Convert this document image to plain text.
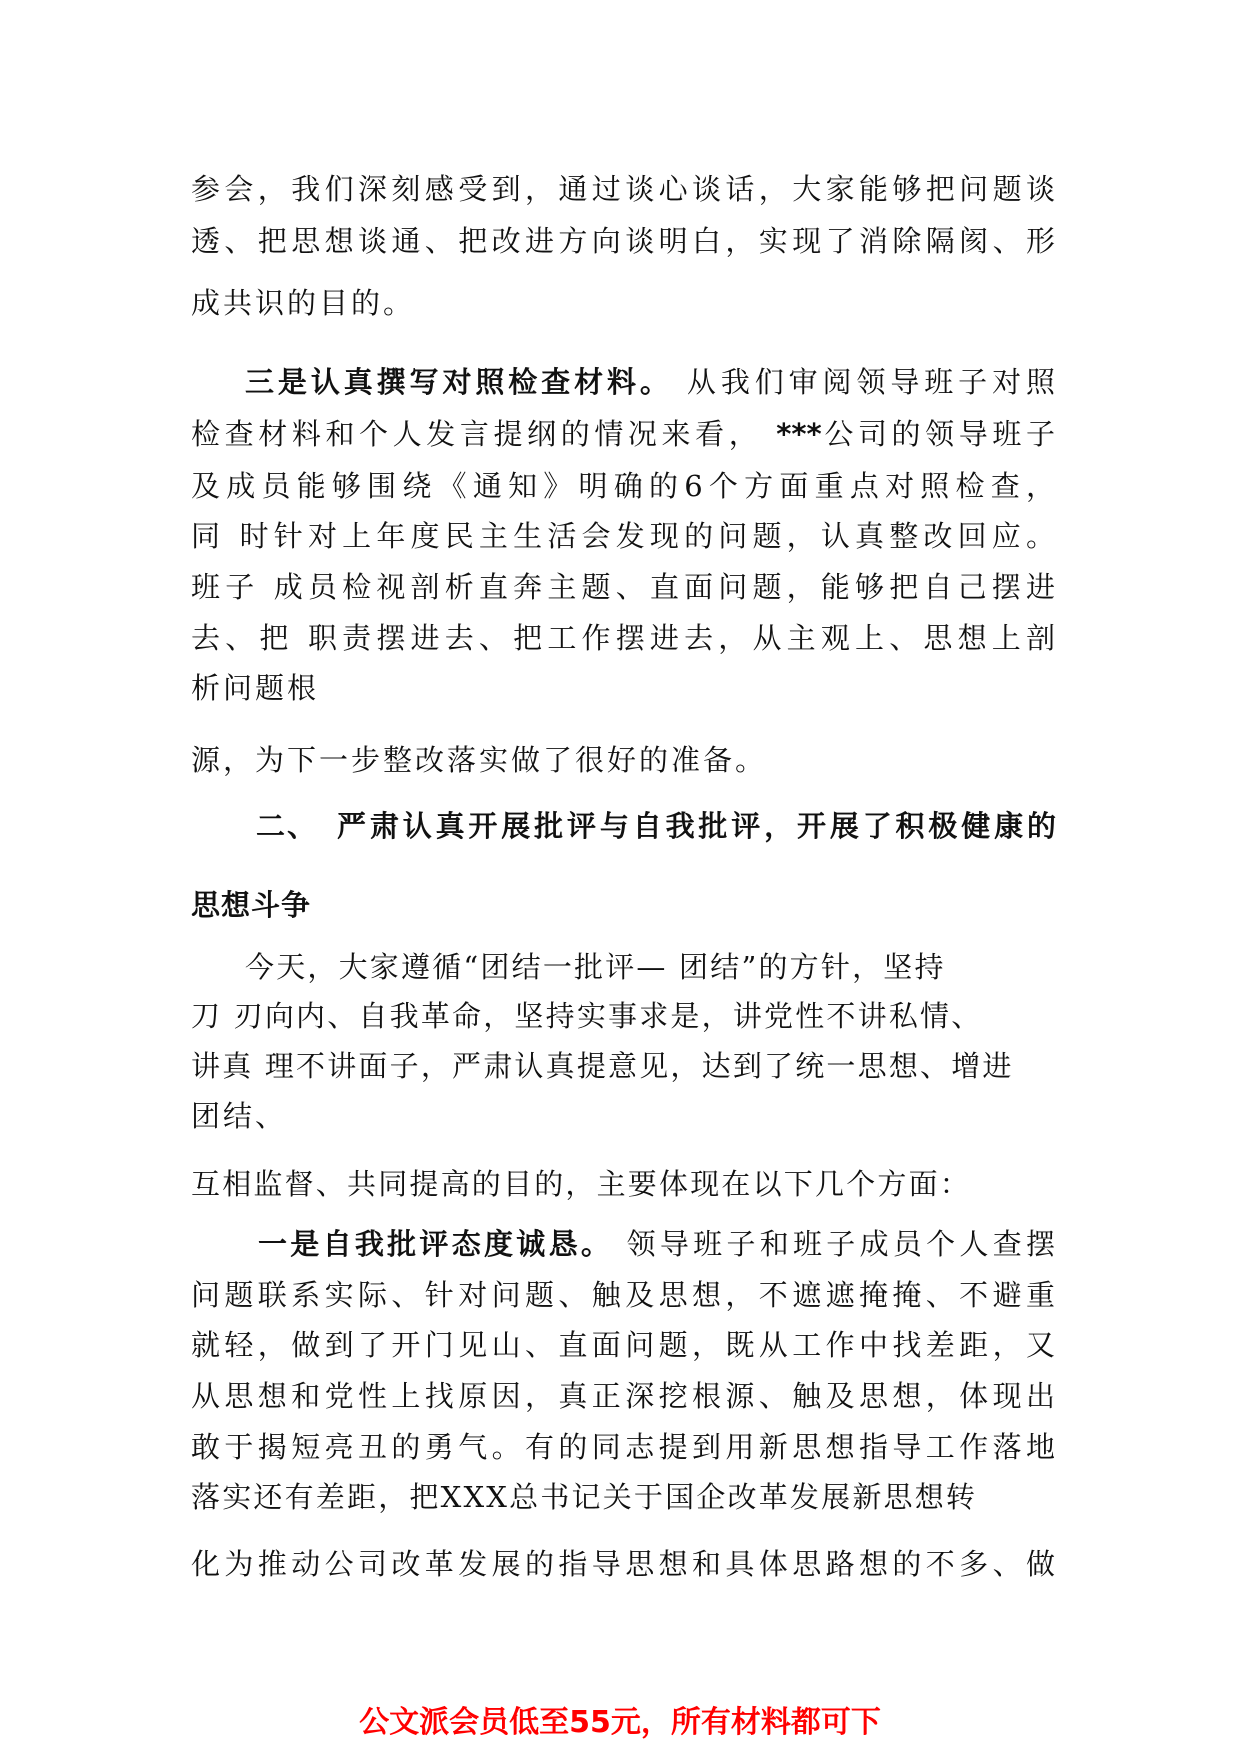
参会，我们深刻感受到，通过谈心谈话，大家能够把问题谈
透、把思想谈通、把改进方向谈明白，实现了消除隔阂、形
成共识的目的。
三是认真撰写对照检查材料。 从我们审阅领导班子对照
检查材料和个人发言提纲的情况来看， ***公司的领导班子
及成员能够围绕《通知》明确的6个方面重点对照检查，
同 时针对上年度民主生活会发现的问题，认真整改回应。
班子 成员检视剖析直奔主题、直面问题，能够把自己摆进
去、把 职责摆进去、把工作摆进去，从主观上、思想上剖
析问题根
源，为下一步整改落实做了很好的准备。
二、 严肃认真开展批评与自我批评，开展了积极健康的
思想斗争
今天，大家遵循“团结一批评— 团结”的方针，坚持
刀 刃向内、自我革命，坚持实事求是，讲党性不讲私情、
讲真 理不讲面子，严肃认真提意见，达到了统一思想、增进
团结、
互相监督、共同提高的目的，主要体现在以下几个方面：
一是自我批评态度诚恳。 领导班子和班子成员个人查摆
问题联系实际、针对问题、触及思想，不遮遮掩掩、不避重
就轻，做到了开门见山、直面问题，既从工作中找差距，又
从思想和党性上找原因，真正深挖根源、触及思想，体现出
敢于揭短亮丑的勇气。有的同志提到用新思想指导工作落地
落实还有差距，把XXX总书记关于国企改革发展新思想转
化为推动公司改革发展的指导思想和具体思路想的不多、做
公文派会员低至55元，所有材料都可下
